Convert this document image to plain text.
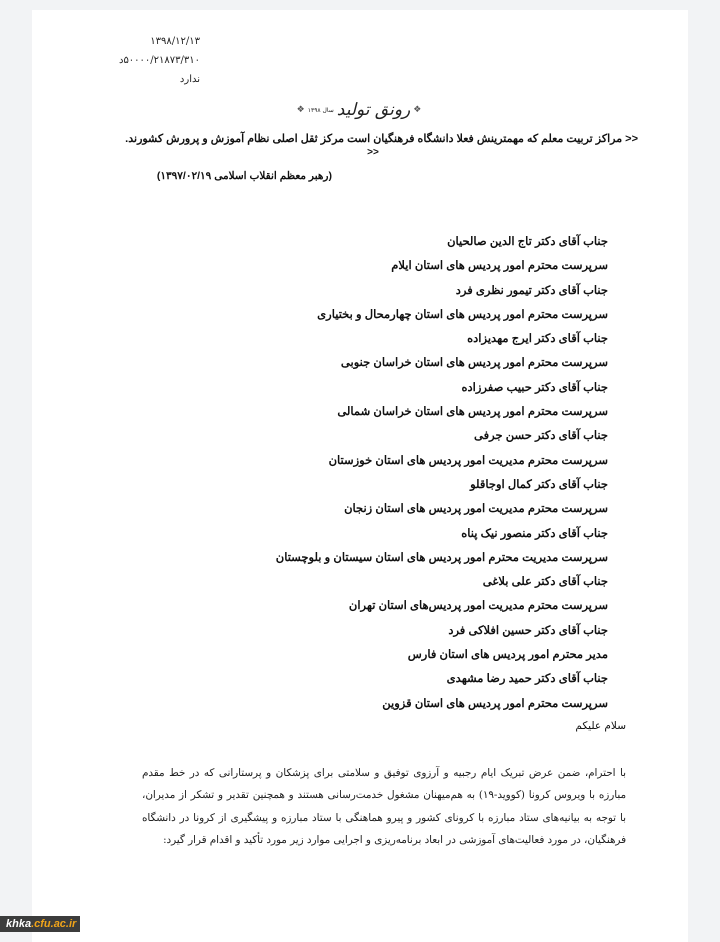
۱۳۹۸/۱۲/۱۳
۵۰۰۰۰/۲۱۸۷۳/۳۱۰د
ندارد
❖
رونق تولید
سال ۱۳۹۸
❖
<< مراکز تربیت معلم که مهمترینش فعلا دانشگاه فرهنگیان است مرکز ثقل اصلی نظام آموزش و پرورش کشورند.
>>
(رهبر معظم انقلاب اسلامی ۱۳۹۷/۰۲/۱۹)
جناب آقای دکتر تاج الدین صالحیان
سرپرست محترم امور پردیس های استان ایلام
جناب آقای دکتر تیمور نظری فرد
سرپرست محترم امور پردیس های استان چهارمحال و بختیاری
جناب آقای دکتر ایرج مهدیزاده
سرپرست محترم امور پردیس های استان خراسان جنوبی
جناب آقای دکتر حبیب صفرزاده
سرپرست محترم امور پردیس های استان خراسان شمالی
جناب آقای دکتر حسن جرفی
سرپرست محترم مدیریت امور پردیس های استان خوزستان
جناب آقای دکتر کمال اوجاقلو
سرپرست محترم مدیریت امور پردیس های استان زنجان
جناب آقای دکتر منصور نیک پناه
سرپرست مدیریت محترم امور پردیس های استان سیستان و بلوچستان
جناب آقای دکتر علی بلاغی
سرپرست محترم مدیریت امور پردیس‌های استان تهران
جناب آقای دکتر حسین افلاکی فرد
مدیر محترم امور پردیس های استان فارس
جناب آقای دکتر حمید رضا مشهدی
سرپرست محترم امور پردیس های استان قزوین
سلام علیکم
با احترام، ضمن عرض تبریک ایام رجبیه و آرزوی توفیق و سلامتی برای پزشکان و پرستارانی که در خط مقدم مبارزه با ویروس کرونا (کووید-۱۹) به هم‌میهنان مشغول خدمت‌رسانی هستند و همچنین تقدیر و تشکر از مدیران، با توجه به بیانیه‌های ستاد مبارزه با کرونای کشور و پیرو هماهنگی با ستاد مبارزه و پیشگیری از کرونا در دانشگاه فرهنگیان، در مورد فعالیت‌های آموزشی در ابعاد برنامه‌ریزی و اجرایی موارد زیر مورد تأکید و اقدام قرار گیرد:
khka .cfu.ac.ir
